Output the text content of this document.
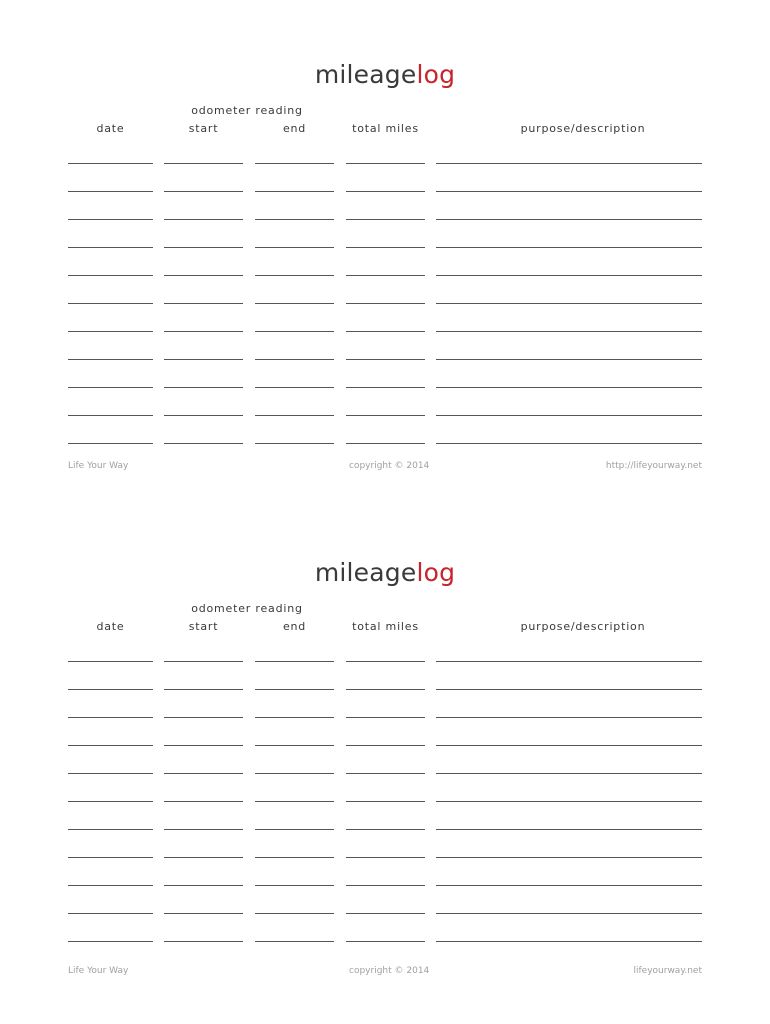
mileagelog
odometer reading
date	start	end	total miles	purpose/description
Life Your Way	copyright © 2014	http://lifeyourway.net
mileagelog
odometer reading
date	start	end	total miles	purpose/description
Life Your Way	copyright © 2014	lifeyourway.net
